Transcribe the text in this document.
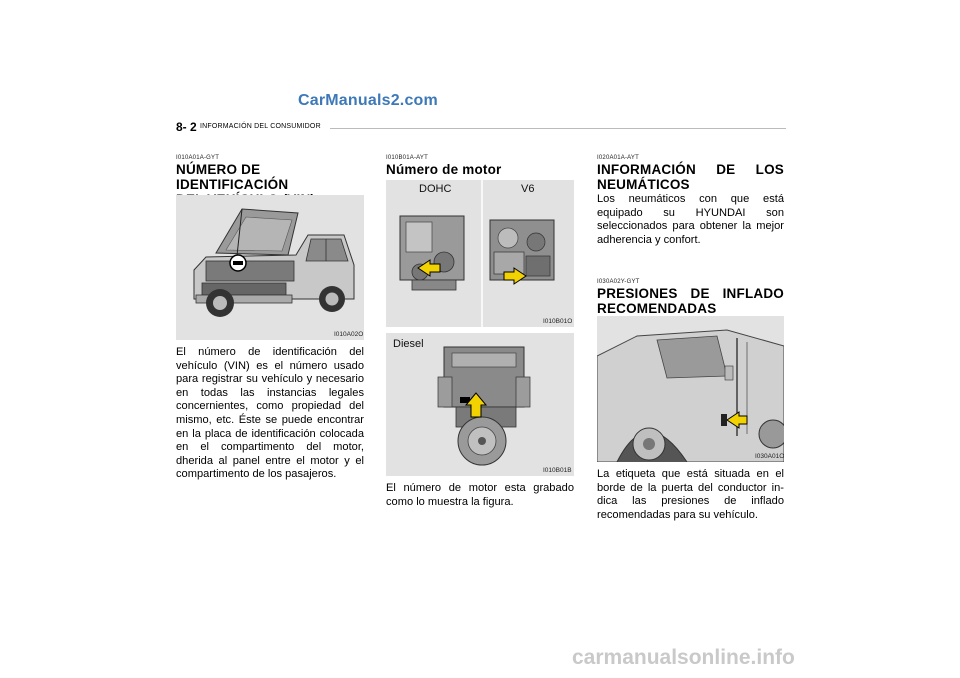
CarManuals2.com
8- 2 INFORMACIÓN DEL CONSUMIDOR
I010A01A-GYT
NÚMERO DE IDENTIFICACIÓN
I010A02O
El número de identificación del vehículo (VIN) es el número usado para registrar su vehículo y necesario en todas las instancias legales concernientes, como propiedad del mismo, etc. Éste se puede encontrar en la placa de identificación colocada en el compartimento del motor, dherida al panel entre el motor y el compartimento de los pasajeros.
I010B01A-AYT
Número de motor
DOHC	V6
I010B01O
Diesel
I010B01B
El número de motor esta grabado como lo muestra la figura.
I020A01A-AYT
INFORMACIÓN DE LOS
NEUMÁTICOS
Los neumáticos con que está equipado su HYUNDAI son seleccionados para obtener la mejor adherencia y confort.
I030A02Y-GYT
PRESIONES DE INFLADO
RECOMENDADAS
I030A01O
La etiqueta que está situada en el borde de la puerta del conductor in-dica las presiones de inflado recomendadas para su vehículo.
carmanualsonline.info
